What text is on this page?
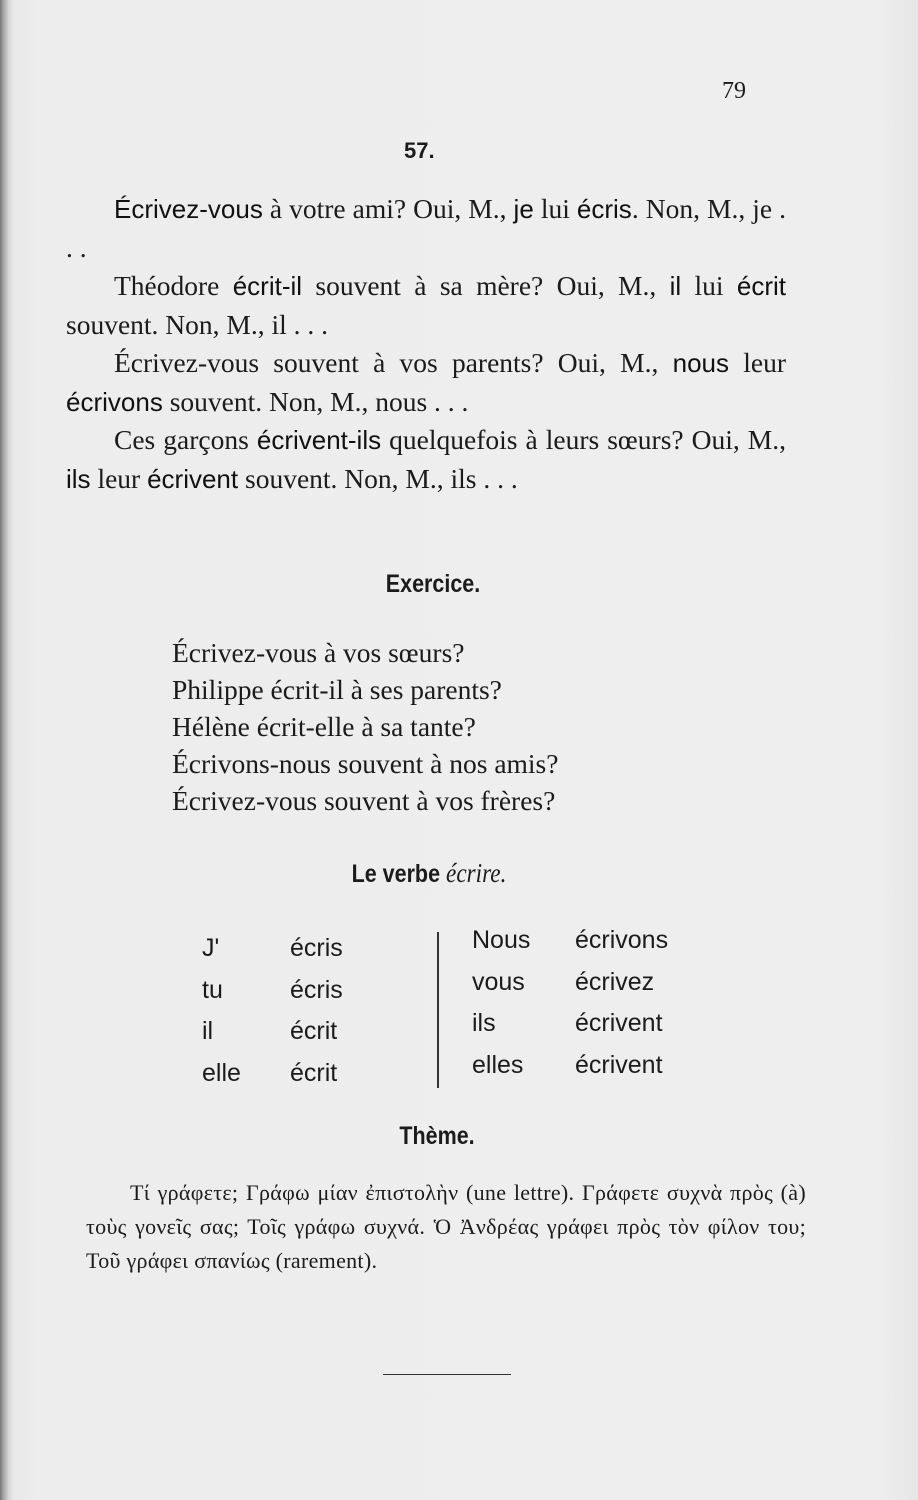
79
57.

Écrivez-vous à votre ami? Oui, M., je lui écris. Non, M., je . . .

Théodore écrit-il souvent à sa mère? Oui, M., il lui écrit souvent. Non, M., il . . .

Écrivez-vous souvent à vos parents? Oui, M., nous leur écrivons souvent. Non, M., nous . . .

Ces garçons écrivent-ils quelquefois à leurs sœurs? Oui, M., ils leur écrivent souvent. Non, M., ils . . .

Exercice.
Écrivez-vous à vos sœurs?
Philippe écrit-il à ses parents?
Hélène écrit-elle à sa tante?
Écrivons-nous souvent à nos amis?
Écrivez-vous souvent à vos frères?
Le verbe écrire.
J'
tu
il
elle
écris
écris
écrit
écrit
Nous
vous
ils
elles
écrivons
écrivez
écrivent
écrivent
Thème.

Τί γράφετε; Γράφω μίαν ἐπιστολὴν (une lettre). Γράφετε συχνὰ πρὸς (à) τοὺς γονεῖς σας; Τοῖς γράφω συχνά. Ὁ Ἀνδρέας γράφει πρὸς τὸν φίλον του; Τοῦ γράφει σπανίως (rarement).
